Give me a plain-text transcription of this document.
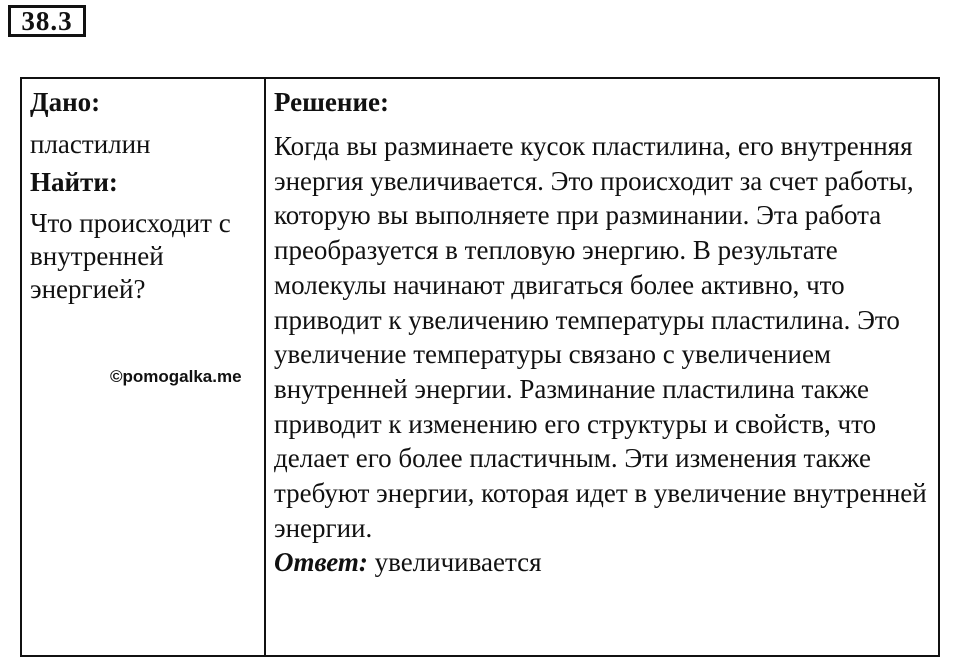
38.3
Дано:
пластилин
Найти:
Что происходит с внутренней энергией?
©pomogalka.me
Решение:
Когда вы разминаете кусок пластилина, его внутренняя энергия увеличивается. Это происходит за счет работы, которую вы выполняете при разминании. Эта работа преобразуется в тепловую энергию. В результате молекулы начинают двигаться более активно, что приводит к увеличению температуры пластилина. Это увеличение температуры связано с увеличением внутренней энергии. Разминание пластилина также приводит к изменению его структуры и свойств, что делает его более пластичным. Эти изменения также требуют энергии, которая идет в увеличение внутренней энергии.
Ответ: увеличивается
